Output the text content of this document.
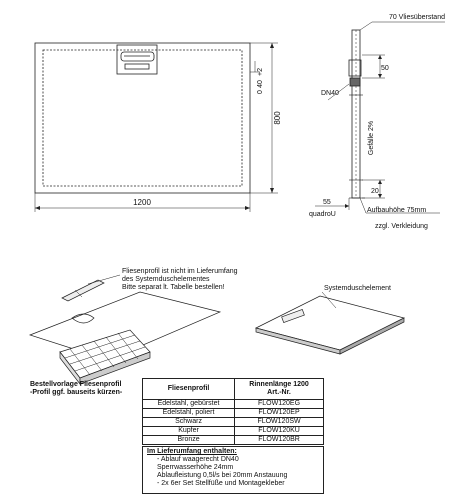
1200
800
+2
40
0
70 Vliesüberstand
50
DN40
Gefälle 2%
20
55
quadroU
Aufbauhöhe 75mm
zzgl. Verkleidung
Systemduschelement
Fliesenprofil ist nicht im Lieferumfang
des Systemduschelementes
Bitte separat lt. Tabelle bestellen!
Bestellvorlage Fliesenprofil
-Profil ggf. bauseits kürzen-
Fliesenprofil	Rinnenlänge 1200
Art.-Nr.

Edelstahl, gebürstet	FLOW120EG
Edelstahl, poliert	FLOW120EP
Schwarz	FLOW120SW
Kupfer	FLOW120KU
Bronze	FLOW120BR
Im Lieferumfang enthalten:
- Ablauf waagerecht DN40
Sperrwasserhöhe 24mm
Ablaufleistung 0,5l/s bei 20mm Anstauung
- 2x 6er Set Stellfüße und Montagekleber
